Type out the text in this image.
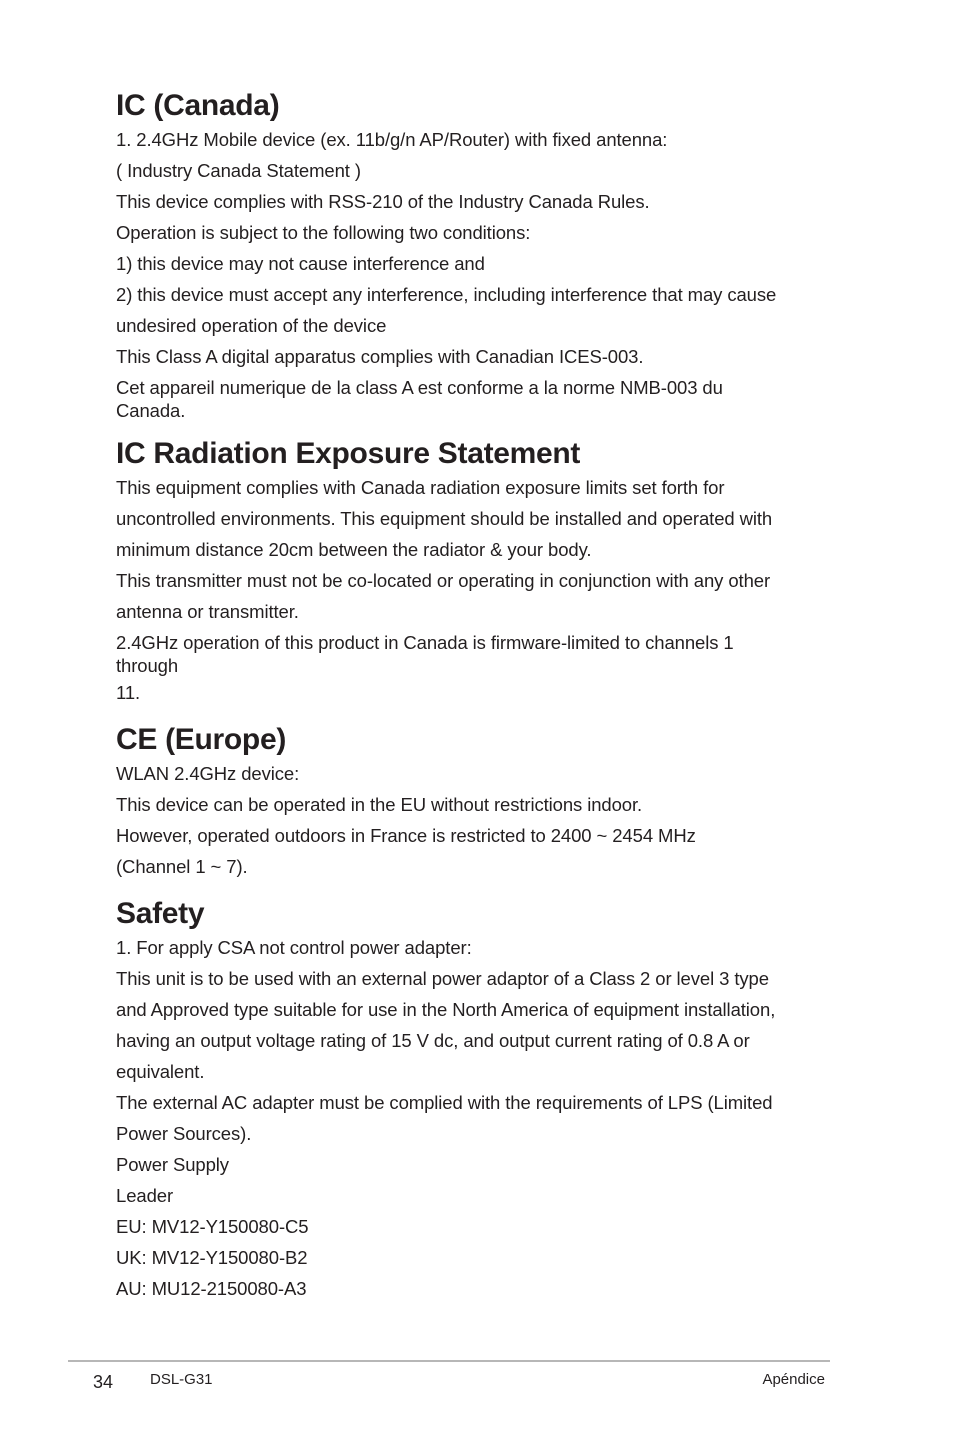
IC (Canada)

1. 2.4GHz Mobile device (ex. 11b/g/n AP/Router) with fixed antenna:

( Industry Canada Statement )

This device complies with RSS-210 of the Industry Canada Rules.

Operation is subject to the following two conditions:

1) this device may not cause interference and

2) this device must accept any interference, including interference that may cause

undesired operation of the device

This Class A digital apparatus complies with Canadian ICES-003.

Cet appareil numerique de la class A est conforme a la norme NMB-003 du Canada.

IC Radiation Exposure Statement

This equipment complies with Canada radiation exposure limits set forth for

uncontrolled environments. This equipment should be installed and operated with

minimum distance 20cm between the radiator & your body.

This transmitter must not be co-located or operating in conjunction with any other

antenna or transmitter.

2.4GHz operation of this product in Canada is firmware-limited to channels 1 through

11.

CE (Europe)

WLAN 2.4GHz device:

This device can be operated in the EU without restrictions indoor.

However, operated outdoors in France is restricted to 2400 ~ 2454 MHz

(Channel 1 ~ 7).

Safety

1. For apply CSA not control power adapter:

This unit is to be used with an external power adaptor of a Class 2 or level 3 type

and Approved type suitable for use in the North America of equipment installation,

having an output voltage rating of 15 V dc, and output current rating of 0.8 A or

equivalent.

The external AC adapter must be complied with the requirements of LPS (Limited

Power Sources).

Power Supply

Leader

EU: MV12-Y150080-C5

UK: MV12-Y150080-B2

AU: MU12-2150080-A3

34 DSL-G31	Apéndice
